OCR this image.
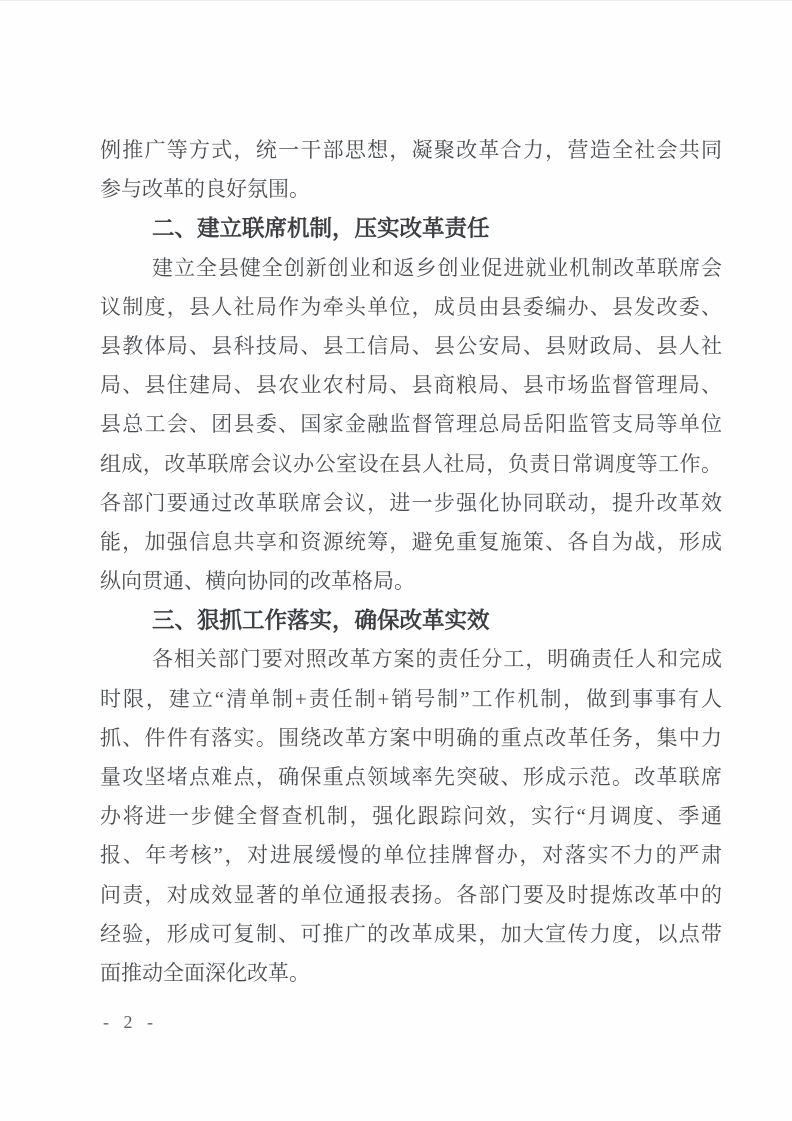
例推广等方式，统一干部思想，凝聚改革合力，营造全社会共同
参与改革的良好氛围。
二、建立联席机制，压实改革责任
建立全县健全创新创业和返乡创业促进就业机制改革联席会
议制度，县人社局作为牵头单位，成员由县委编办、县发改委、
县教体局、县科技局、县工信局、县公安局、县财政局、县人社
局、县住建局、县农业农村局、县商粮局、县市场监督管理局、
县总工会、团县委、国家金融监督管理总局岳阳监管支局等单位
组成，改革联席会议办公室设在县人社局，负责日常调度等工作。
各部门要通过改革联席会议，进一步强化协同联动，提升改革效
能，加强信息共享和资源统筹，避免重复施策、各自为战，形成
纵向贯通、横向协同的改革格局。
三、狠抓工作落实，确保改革实效
各相关部门要对照改革方案的责任分工，明确责任人和完成
时限，建立“清单制+责任制+销号制”工作机制，做到事事有人
抓、件件有落实。围绕改革方案中明确的重点改革任务，集中力
量攻坚堵点难点，确保重点领域率先突破、形成示范。改革联席
办将进一步健全督查机制，强化跟踪问效，实行“月调度、季通
报、年考核”，对进展缓慢的单位挂牌督办，对落实不力的严肃
问责，对成效显著的单位通报表扬。各部门要及时提炼改革中的
经验，形成可复制、可推广的改革成果，加大宣传力度，以点带
面推动全面深化改革。
- 2 -
